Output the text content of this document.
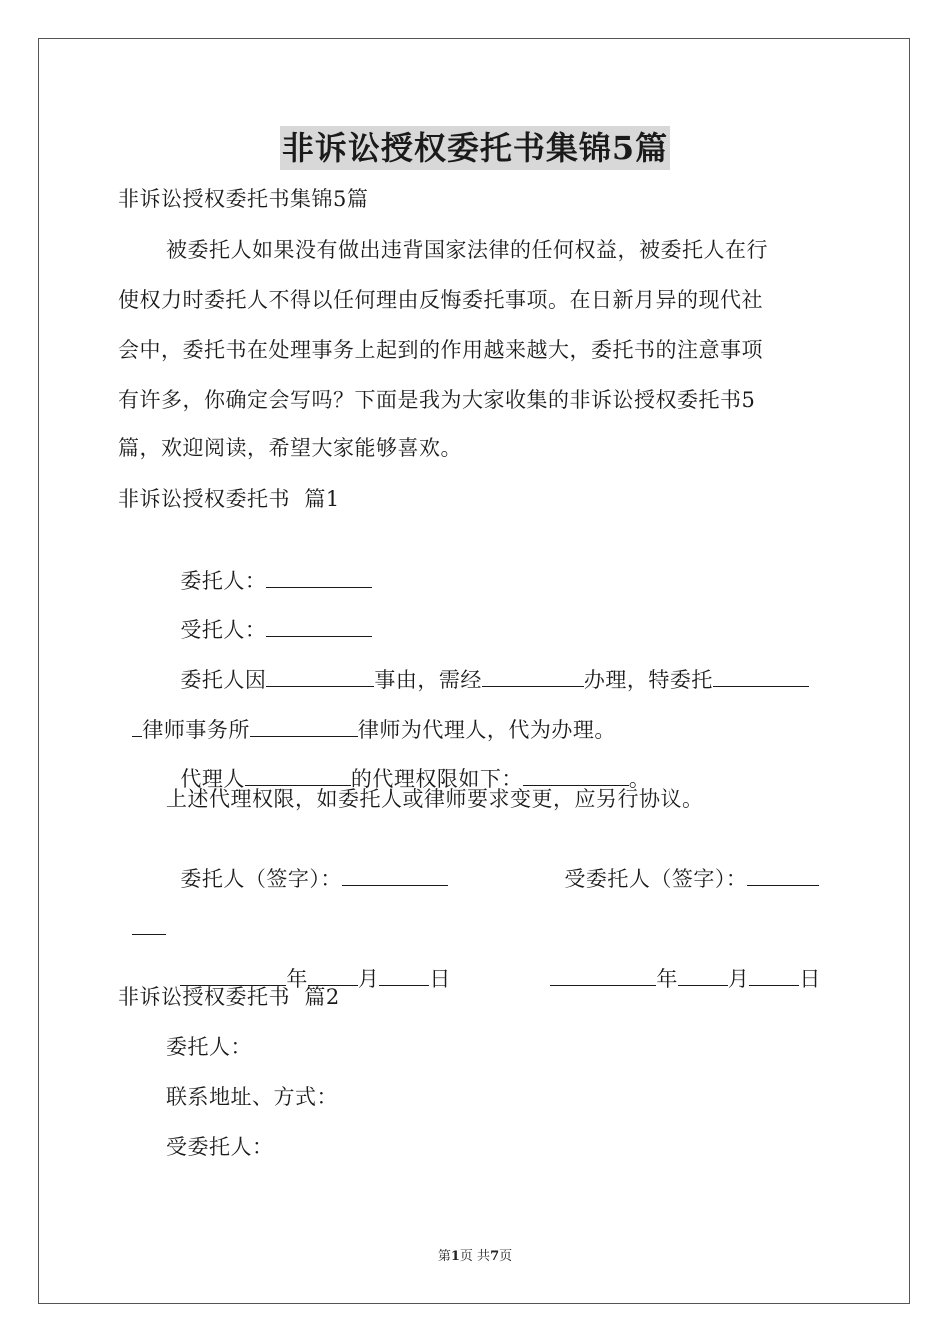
非诉讼授权委托书集锦5篇
非诉讼授权委托书集锦5篇
被委托人如果没有做出违背国家法律的任何权益，被委托人在行
使权力时委托人不得以任何理由反悔委托事项。在日新月异的现代社
会中，委托书在处理事务上起到的作用越来越大，委托书的注意事项
有许多，你确定会写吗？下面是我为大家收集的非诉讼授权委托书5
篇，欢迎阅读，希望大家能够喜欢。
非诉讼授权委托书  篇1

委托人：

受托人：

委托人因	事由，需经	办理，特委托

律师事务所	律师为代理人，代为办理。

代理人	的代理权限如下：	。

上述代理权限，如委托人或律师要求变更，应另行协议。

委托人（签字）：	受委托人（签字）：

年 月 日	年 月 日

非诉讼授权委托书  篇2
委托人：
联系地址、方式：
受委托人：
第1页 共7页
